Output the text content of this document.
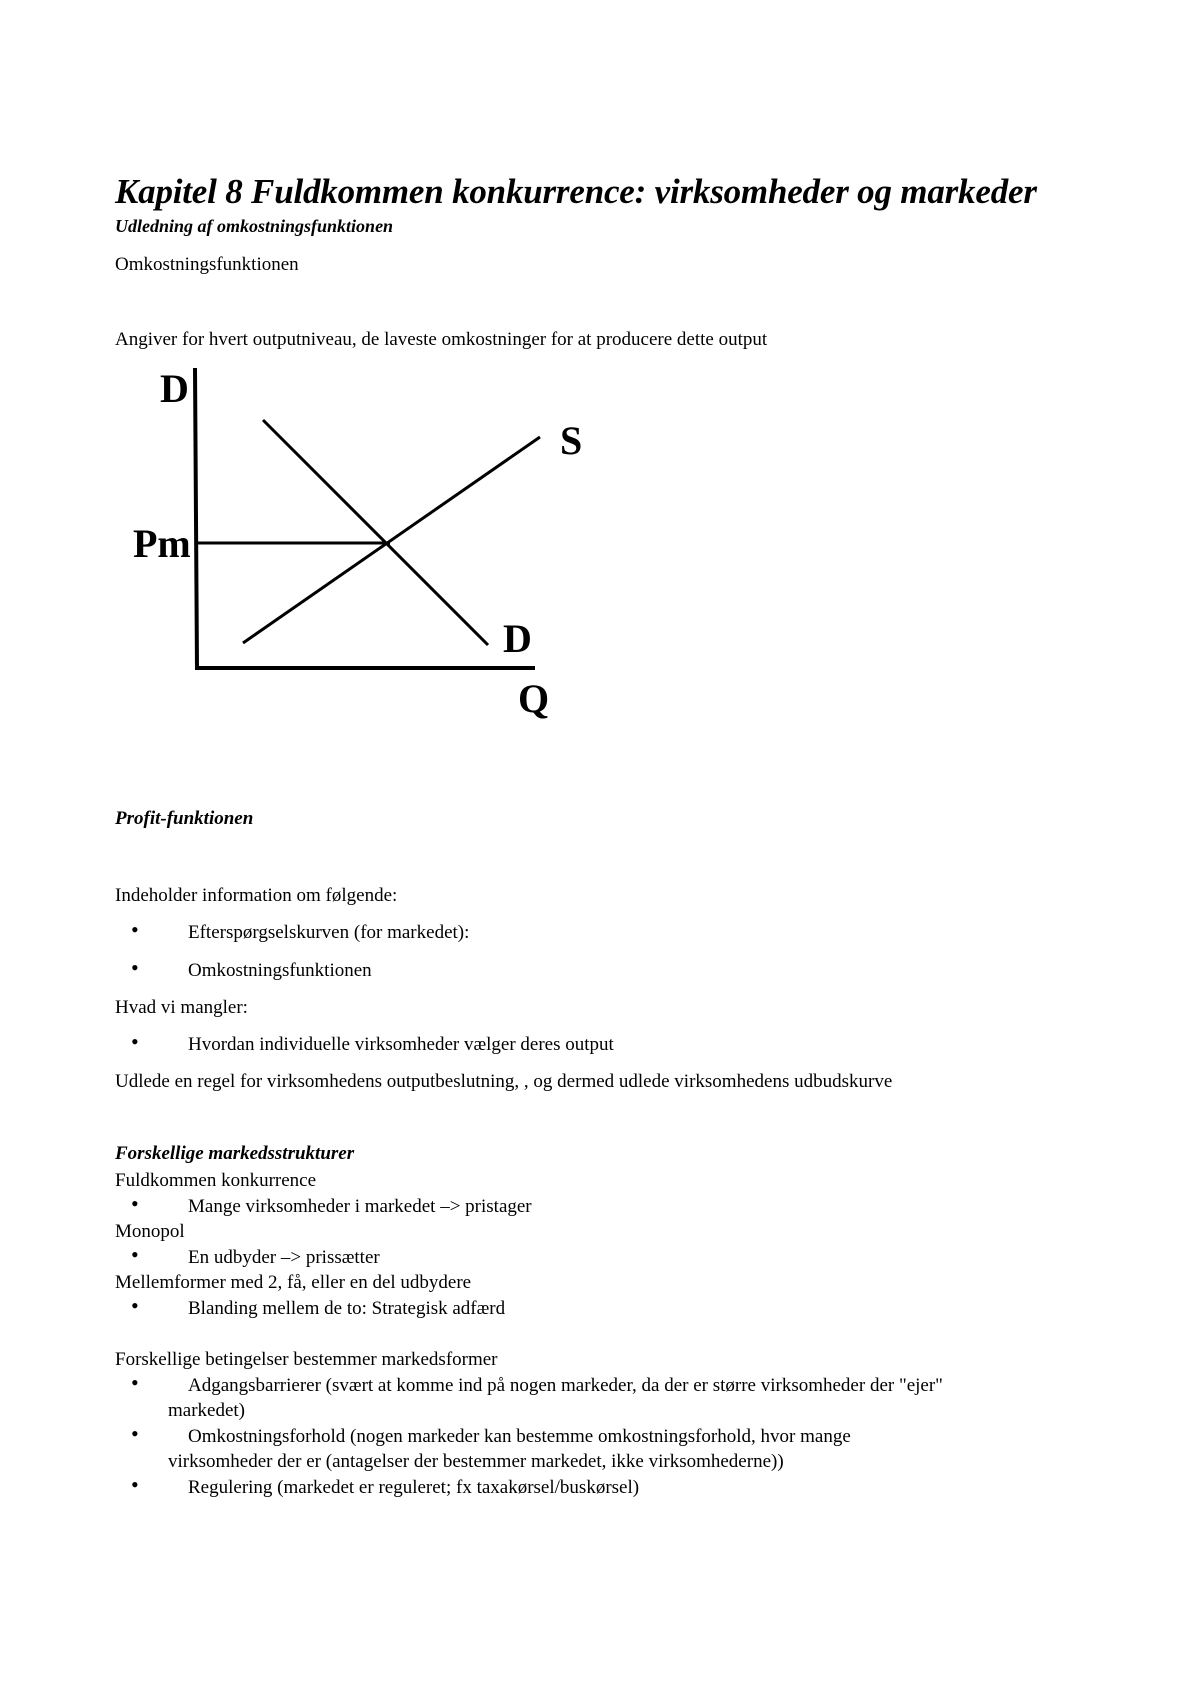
Kapitel 8 Fuldkommen konkurrence: virksomheder og markeder
Udledning af omkostningsfunktionen
Omkostningsfunktionen
Angiver for hvert outputniveau, de laveste omkostninger for at producere dette output
D
Pm
S
D
Q
Profit-funktionen
Indeholder information om følgende:
•	Efterspørgselskurven (for markedet):
•	Omkostningsfunktionen
Hvad vi mangler:
•	Hvordan individuelle virksomheder vælger deres output
Udlede en regel for virksomhedens outputbeslutning, , og dermed udlede virksomhedens udbudskurve
Forskellige markedsstrukturer
Fuldkommen konkurrence
•	Mange virksomheder i markedet –> pristager
Monopol
•	En udbyder –> prissætter
Mellemformer med 2, få, eller en del udbydere
•	Blanding mellem de to: Strategisk adfærd
Forskellige betingelser bestemmer markedsformer
•	Adgangsbarrierer (svært at komme ind på nogen markeder, da der er større virksomheder der "ejer"
markedet)
•	Omkostningsforhold (nogen markeder kan bestemme omkostningsforhold, hvor mange
virksomheder der er (antagelser der bestemmer markedet, ikke virksomhederne))
•	Regulering (markedet er reguleret; fx taxakørsel/buskørsel)
